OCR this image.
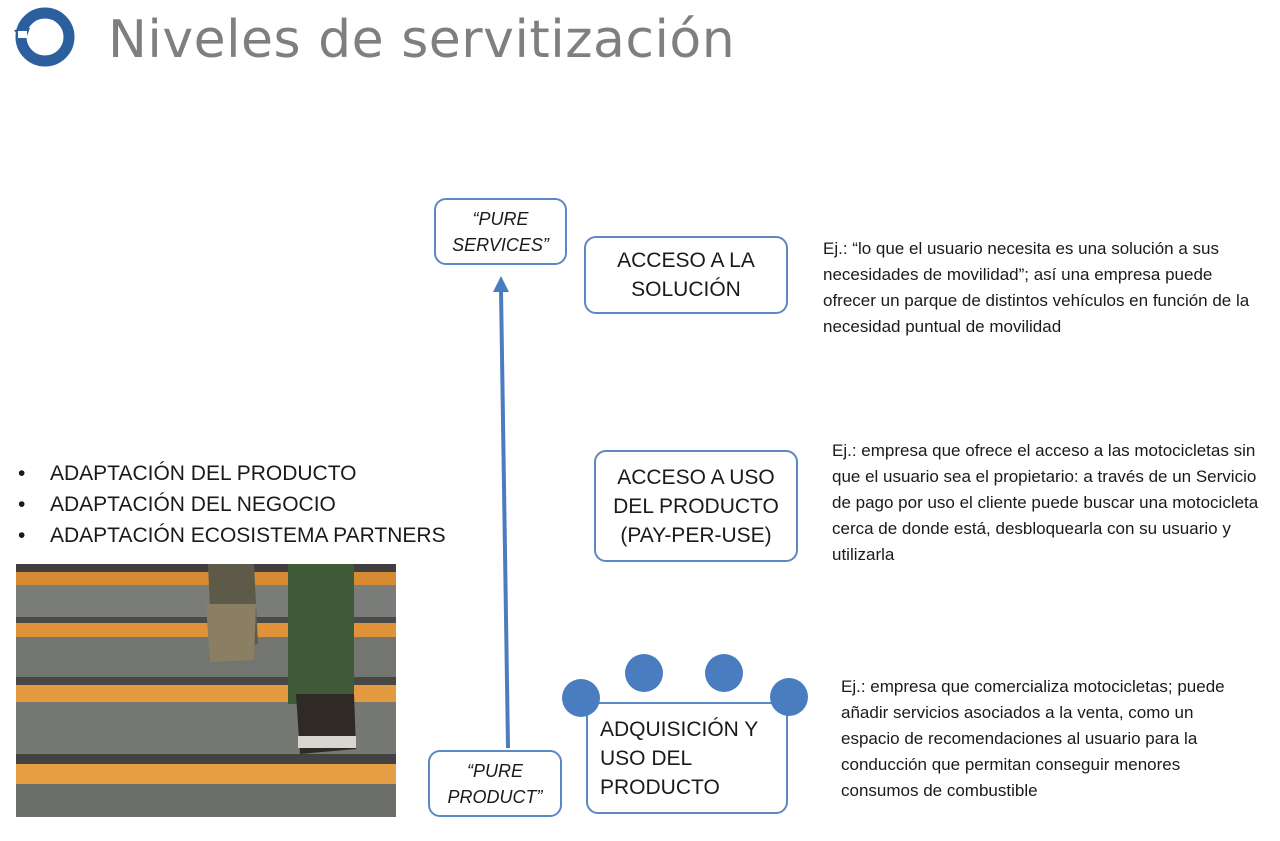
Niveles de servitización
“PURE SERVICES”
“PURE PRODUCT”
ACCESO A LA SOLUCIÓN
ACCESO A USO DEL PRODUCTO (PAY-PER-USE)
ADQUISICIÓN Y USO DEL PRODUCTO
Ej.: “lo que el usuario necesita es una solución a sus necesidades de movilidad”; así una empresa puede ofrecer un parque de distintos vehículos en función de la necesidad puntual de movilidad
Ej.: empresa que ofrece el acceso a las motocicletas sin que el usuario sea el propietario: a través de un Servicio de pago por uso el cliente puede buscar una motocicleta cerca de donde está, desbloquearla con su usuario y utilizarla
Ej.: empresa que comercializa motocicletas; puede añadir servicios asociados a la venta, como un espacio de recomendaciones al usuario para la conducción que permitan conseguir menores consumos de combustible
•	ADAPTACIÓN DEL PRODUCTO
•	ADAPTACIÓN DEL NEGOCIO
•	ADAPTACIÓN ECOSISTEMA PARTNERS
